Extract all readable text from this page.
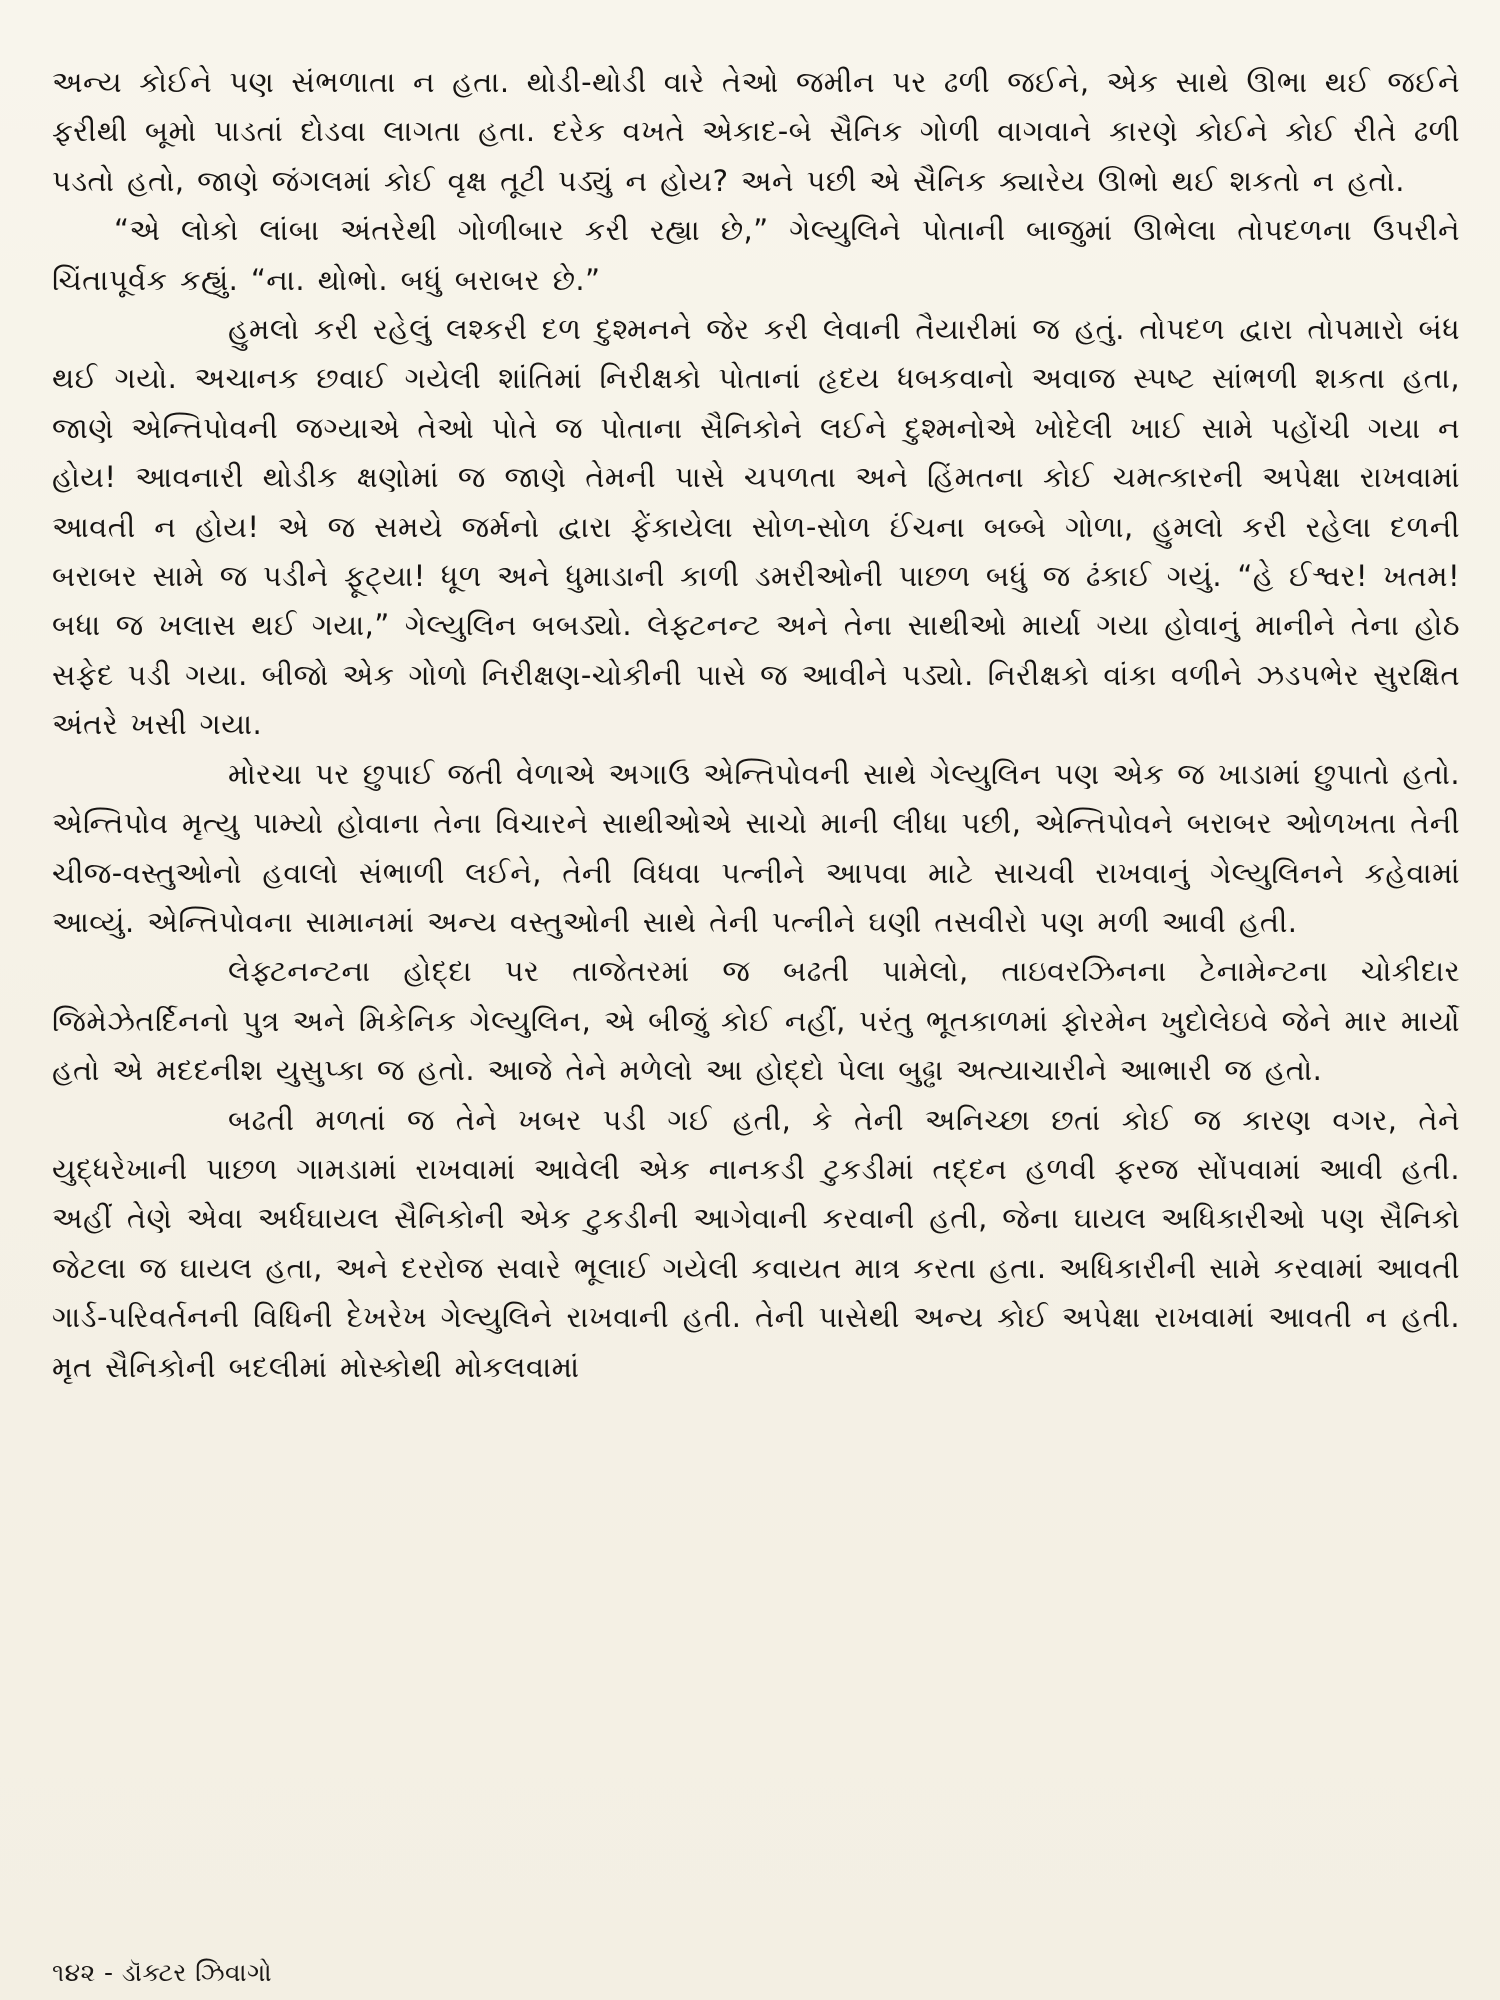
અન્ય કોઈને પણ સંભળાતા ન હતા. થોડી-થોડી વારે તેઓ જમીન પર ઢળી જઈને, એક સાથે ઊભા થઈ જઈને ફરીથી બૂમો પાડતાં દોડવા લાગતા હતા. દરેક વખતે એકાદ-બે સૈનિક ગોળી વાગવાને કારણે કોઈને કોઈ રીતે ઢળી પડતો હતો, જાણે જંગલમાં કોઈ વૃક્ષ તૂટી પડ્યું ન હોય? અને પછી એ સૈનિક ક્યારેય ઊભો થઈ શકતો ન હતો.

“એ લોકો લાંબા અંતરેથી ગોળીબાર કરી રહ્યા છે,” ગેલ્યુલિને પોતાની બાજુમાં ઊભેલા તોપદળના ઉપરીને ચિંતાપૂર્વક કહ્યું. “ના. થોભો. બધું બરાબર છે.”

હુમલો કરી રહેલું લશ્કરી દળ દુશ્મનને જેર કરી લેવાની તૈયારીમાં જ હતું. તોપદળ દ્વારા તોપમારો બંધ થઈ ગયો. અચાનક છવાઈ ગયેલી શાંતિમાં નિરીક્ષકો પોતાનાં હૃદય ધબકવાનો અવાજ સ્પષ્ટ સાંભળી શકતા હતા, જાણે એન્તિપોવની જગ્યાએ તેઓ પોતે જ પોતાના સૈનિકોને લઈને દુશ્મનોએ ખોદેલી ખાઈ સામે પહોંચી ગયા ન હોય! આવનારી થોડીક ક્ષણોમાં જ જાણે તેમની પાસે ચપળતા અને હિંમતના કોઈ ચમત્કારની અપેક્ષા રાખવામાં આવતી ન હોય! એ જ સમયે જર્મનો દ્વારા ફેંકાયેલા સોળ-સોળ ઈંચના બબ્બે ગોળા, હુમલો કરી રહેલા દળની બરાબર સામે જ પડીને ફૂટ્યા! ધૂળ અને ધુમાડાની કાળી ડમરીઓની પાછળ બધું જ ઢંકાઈ ગયું. “હે ઈશ્વર! ખતમ! બધા જ ખલાસ થઈ ગયા,” ગેલ્યુલિન બબડ્યો. લેફ્ટનન્ટ અને તેના સાથીઓ માર્યા ગયા હોવાનું માનીને તેના હોઠ સફેદ પડી ગયા. બીજો એક ગોળો નિરીક્ષણ-ચોકીની પાસે જ આવીને પડ્યો. નિરીક્ષકો વાંકા વળીને ઝડપભેર સુરક્ષિત અંતરે ખસી ગયા.

મોરચા પર છુપાઈ જતી વેળાએ અગાઉ એન્તિપોવની સાથે ગેલ્યુલિન પણ એક જ ખાડામાં છુપાતો હતો. એન્તિપોવ મૃત્યુ પામ્યો હોવાના તેના વિચારને સાથીઓએ સાચો માની લીધા પછી, એન્તિપોવને બરાબર ઓળખતા તેની ચીજ-વસ્તુઓનો હવાલો સંભાળી લઈને, તેની વિધવા પત્નીને આપવા માટે સાચવી રાખવાનું ગેલ્યુલિનને કહેવામાં આવ્યું. એન્તિપોવના સામાનમાં અન્ય વસ્તુઓની સાથે તેની પત્નીને ઘણી તસવીરો પણ મળી આવી હતી.

લેફ્ટનન્ટના હોદ્દા પર તાજેતરમાં જ બઢતી પામેલો, તાઇવરઝિનના ટેનામેન્ટના ચોકીદાર જિમેઝેતર્દિનનો પુત્ર અને મિકેનિક ગેલ્યુલિન, એ બીજું કોઈ નહીં, પરંતુ ભૂતકાળમાં ફોરમેન ખુદોલેઇવે જેને માર માર્યો હતો એ મદદનીશ યુસુપ્કા જ હતો. આજે તેને મળેલો આ હોદ્દો પેલા બુઢ્ઢા અત્યાચારીને આભારી જ હતો.

બઢતી મળતાં જ તેને ખબર પડી ગઈ હતી, કે તેની અનિચ્છા છતાં કોઈ જ કારણ વગર, તેને યુદ્ધરેખાની પાછળ ગામડામાં રાખવામાં આવેલી એક નાનકડી ટુકડીમાં તદ્દન હળવી ફરજ સોંપવામાં આવી હતી. અહીં તેણે એવા અર્ધઘાયલ સૈનિકોની એક ટુકડીની આગેવાની કરવાની હતી, જેના ઘાયલ અધિકારીઓ પણ સૈનિકો જેટલા જ ઘાયલ હતા, અને દરરોજ સવારે ભૂલાઈ ગયેલી કવાયત માત્ર કરતા હતા. અધિકારીની સામે કરવામાં આવતી ગાર્ડ-પરિવર્તનની વિધિની દેખરેખ ગેલ્યુલિને રાખવાની હતી. તેની પાસેથી અન્ય કોઈ અપેક્ષા રાખવામાં આવતી ન હતી. મૃત સૈનિકોની બદલીમાં મોસ્કોથી મોકલવામાં

૧૪૨ - ડૉક્ટર ઝિવાગો
